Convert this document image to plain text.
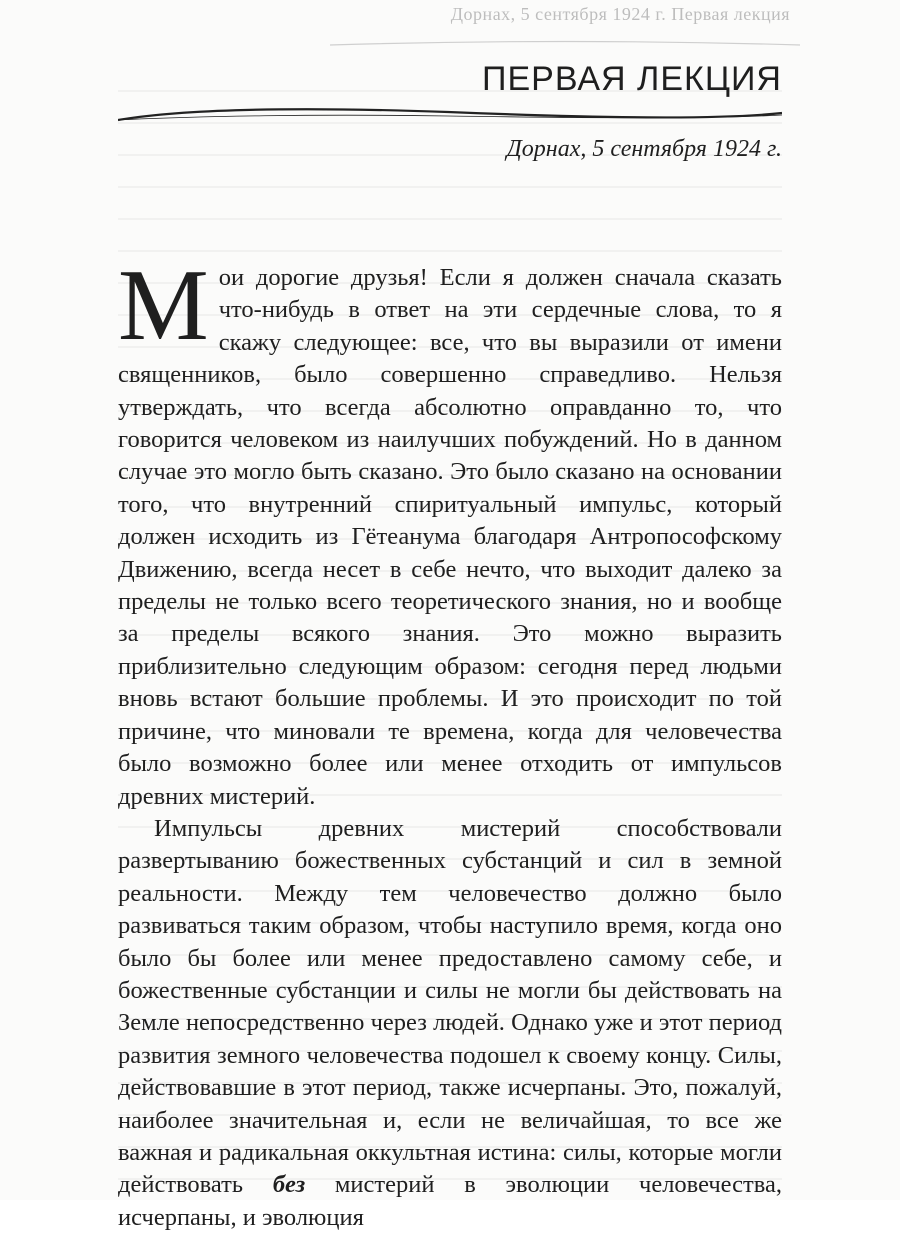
Дорнах, 5 сентября 1924 г. Первая лекция
ПЕРВАЯ ЛЕКЦИЯ
Дорнах, 5 сентября 1924 г.

Мои дорогие друзья! Если я должен сначала сказать что-нибудь в ответ на эти сердечные слова, то я скажу следующее: все, что вы выразили от имени священников, было совершенно справедливо. Нельзя утверждать, что всегда абсолютно оправданно то, что говорится человеком из наилучших побуждений. Но в данном случае это могло быть сказано. Это было сказано на основании того, что внутренний спиритуальный импульс, который должен исходить из Гётеанума благодаря Антропософскому Движению, всегда несет в себе нечто, что выходит далеко за пределы не только всего теоретического знания, но и вообще за пределы всякого знания. Это можно выразить приблизительно следующим образом: сегодня перед людьми вновь встают большие проблемы. И это происходит по той причине, что миновали те времена, когда для человечества было возможно более или менее отходить от импульсов древних мистерий.

Импульсы древних мистерий способствовали развертыванию божественных субстанций и сил в земной реальности. Между тем человечество должно было развиваться таким образом, чтобы наступило время, когда оно было бы более или менее предоставлено самому себе, и божественные субстанции и силы не могли бы действовать на Земле непосредственно через людей. Однако уже и этот период развития земного человечества подошел к своему концу. Силы, действовавшие в этот период, также исчерпаны. Это, пожалуй, наиболее значительная и, если не величайшая, то все же важная и радикальная оккультная истина: силы, которые могли действовать без мистерий в эволюции человечества, исчерпаны, и эволюция
